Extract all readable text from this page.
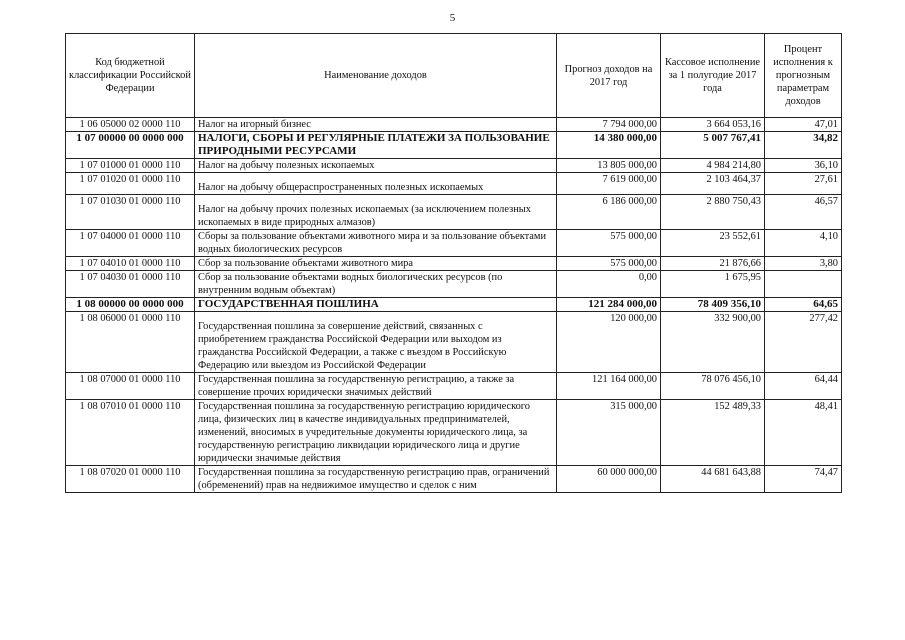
5
Код бюджетной классификации Российской Федерации	Наименование доходов	Прогноз доходов на 2017 год	Кассовое исполнение за 1 полугодие 2017 года	Процент исполнения к прогнозным параметрам доходов
1 06 05000 02 0000 110	Налог на игорный бизнес	7 794 000,00	3 664 053,16	47,01
1 07 00000 00 0000 000	НАЛОГИ, СБОРЫ И РЕГУЛЯРНЫЕ ПЛАТЕЖИ ЗА ПОЛЬЗОВАНИЕ ПРИРОДНЫМИ РЕСУРСАМИ	14 380 000,00	5 007 767,41	34,82
1 07 01000 01 0000 110	Налог на добычу полезных ископаемых	13 805 000,00	4 984 214,80	36,10
1 07 01020 01 0000 110	Налог на добычу общераспространенных полезных ископаемых	7 619 000,00	2 103 464,37	27,61
1 07 01030 01 0000 110	Налог на добычу прочих полезных ископаемых (за исключением полезных ископаемых в виде природных алмазов)	6 186 000,00	2 880 750,43	46,57
1 07 04000 01 0000 110	Сборы за пользование объектами животного мира и за пользование объектами водных биологических ресурсов	575 000,00	23 552,61	4,10
1 07 04010 01 0000 110	Сбор за пользование объектами животного мира	575 000,00	21 876,66	3,80
1 07 04030 01 0000 110	Сбор за пользование объектами водных биологических ресурсов (по внутренним водным объектам)	0,00	1 675,95	
1 08 00000 00 0000 000	ГОСУДАРСТВЕННАЯ ПОШЛИНА	121 284 000,00	78 409 356,10	64,65
1 08 06000 01 0000 110	Государственная пошлина за совершение действий, связанных с приобретением гражданства Российской Федерации или выходом из гражданства Российской Федерации, а также с въездом в Российскую Федерацию или выездом из Российской Федерации	120 000,00	332 900,00	277,42
1 08 07000 01 0000 110	Государственная пошлина за государственную регистрацию, а также за совершение прочих юридически значимых действий	121 164 000,00	78 076 456,10	64,44
1 08 07010 01 0000 110	Государственная пошлина за государственную регистрацию юридического лица, физических лиц в качестве индивидуальных предпринимателей, изменений, вносимых в учредительные документы юридического лица, за государственную регистрацию ликвидации юридического лица и другие юридически значимые действия	315 000,00	152 489,33	48,41
1 08 07020 01 0000 110	Государственная пошлина за государственную регистрацию прав, ограничений (обременений) прав на недвижимое имущество и сделок с ним	60 000 000,00	44 681 643,88	74,47
